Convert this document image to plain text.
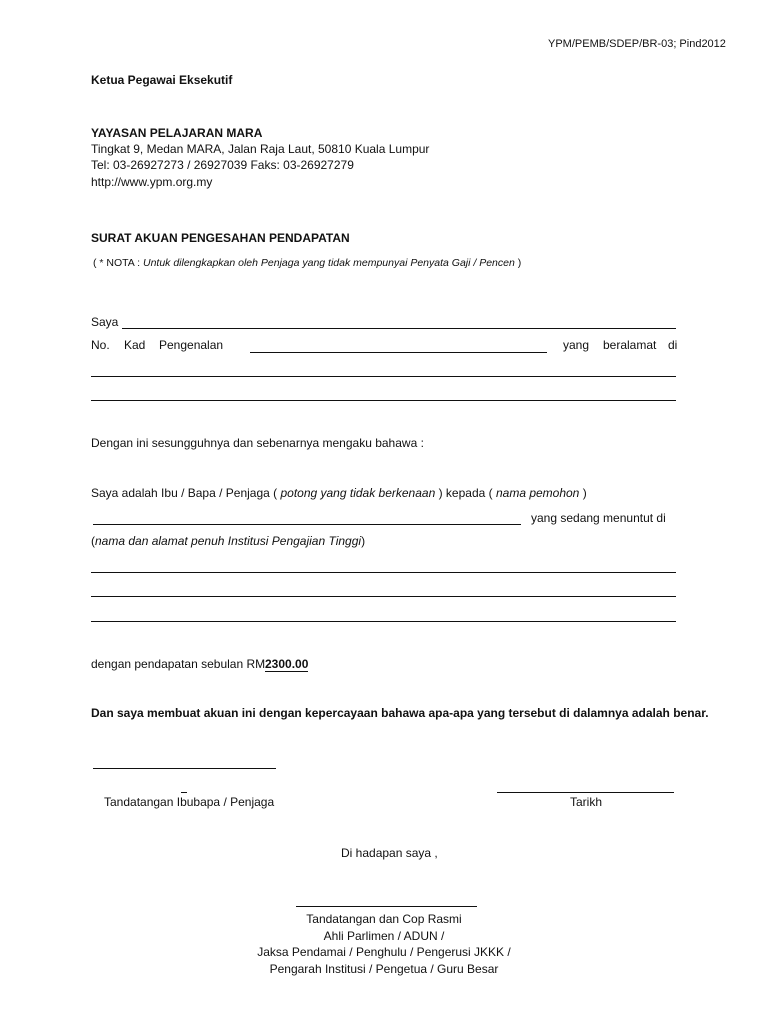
YPM/PEMB/SDEP/BR-03; Pind2012
Ketua Pegawai Eksekutif
YAYASAN PELAJARAN MARA
Tingkat 9, Medan MARA, Jalan Raja Laut, 50810 Kuala Lumpur
Tel: 03-26927273 / 26927039 Faks: 03-26927279
http://www.ypm.org.my
SURAT AKUAN PENGESAHAN PENDAPATAN
( * NOTA : Untuk dilengkapkan oleh Penjaga yang tidak mempunyai Penyata Gaji / Pencen )
Saya
No. Kad Pengenalan	yang beralamat di
Dengan ini sesungguhnya dan sebenarnya mengaku bahawa :
Saya adalah Ibu / Bapa / Penjaga ( potong yang tidak berkenaan ) kepada ( nama pemohon )
yang sedang menuntut di
(nama dan alamat penuh Institusi Pengajian Tinggi)
dengan pendapatan sebulan RM 2300.00
Dan saya membuat akuan ini dengan kepercayaan bahawa apa-apa yang tersebut di dalamnya adalah benar.
Tandatangan Ibubapa / Penjaga	Tarikh
Di hadapan saya ,
Tandatangan dan Cop Rasmi
Ahli Parlimen / ADUN /
Jaksa Pendamai / Penghulu / Pengerusi JKKK /
Pengarah Institusi / Pengetua / Guru Besar
